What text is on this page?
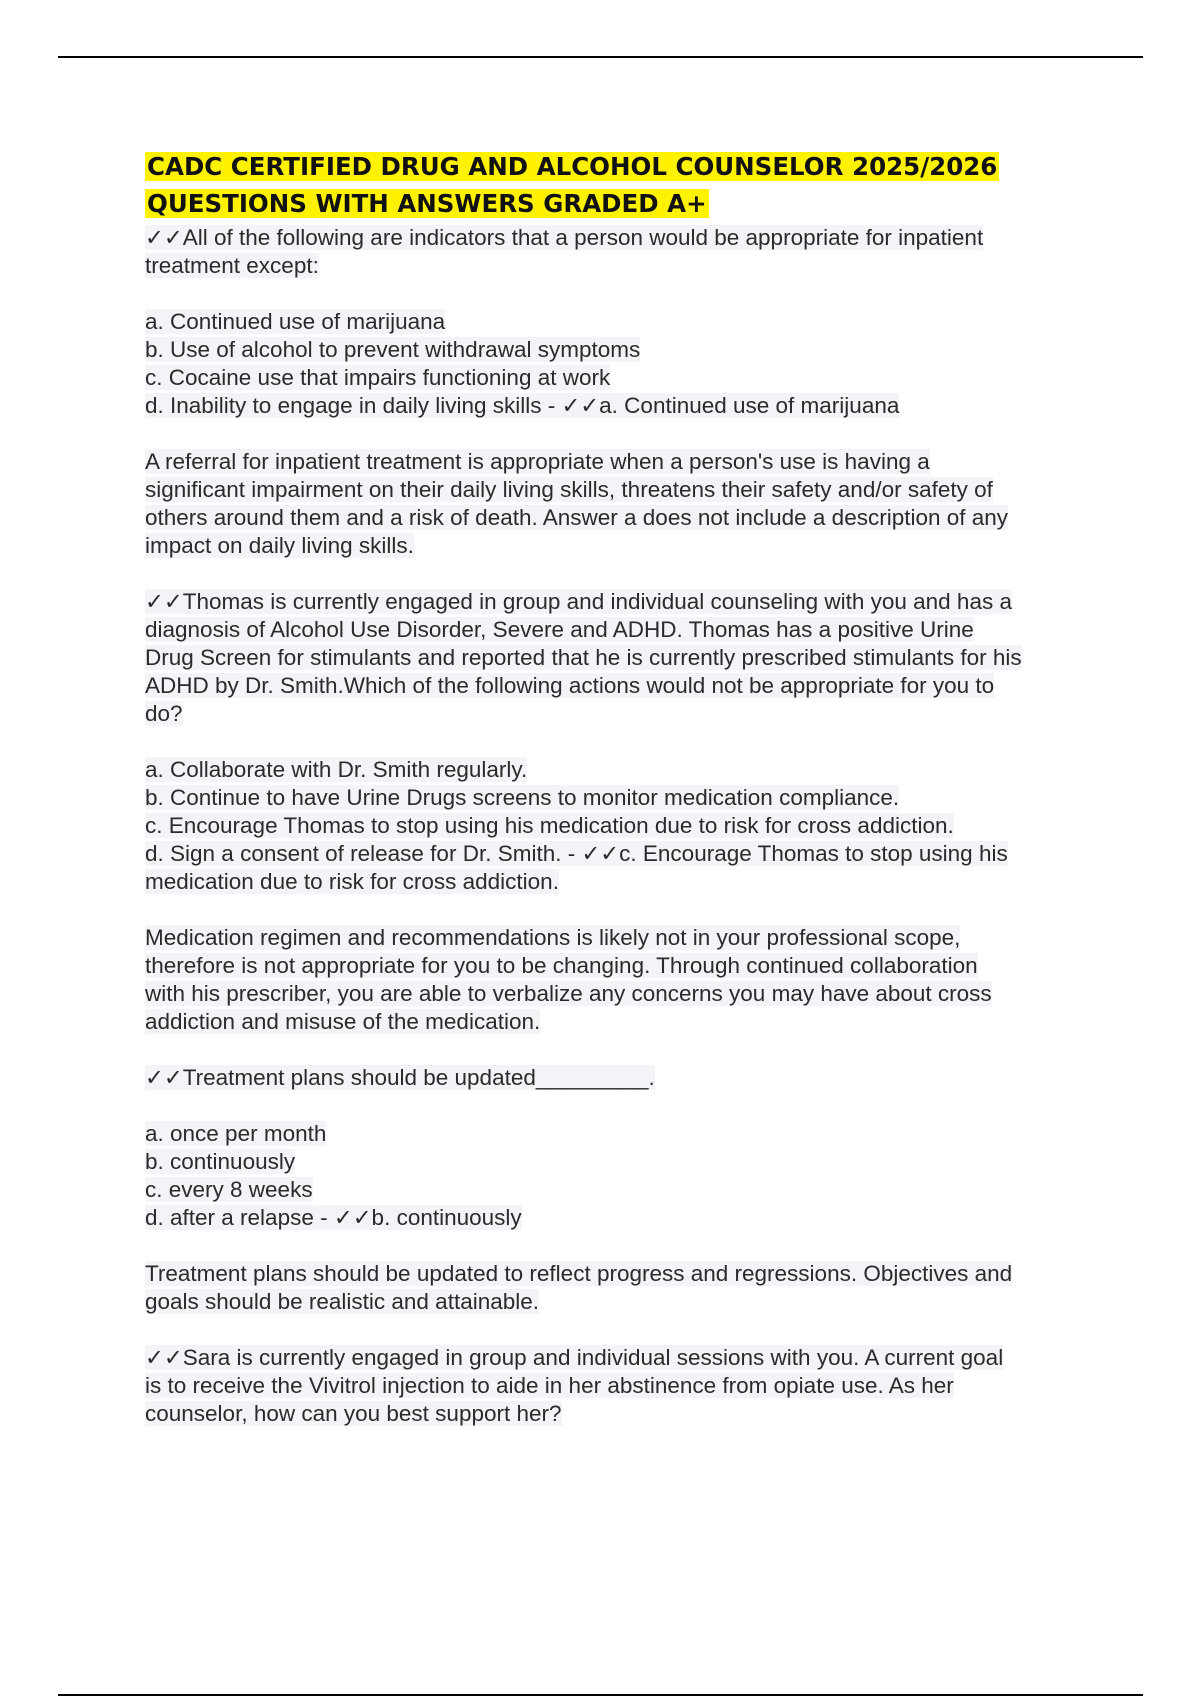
CADC CERTIFIED DRUG AND ALCOHOL COUNSELOR 2025/2026
QUESTIONS WITH ANSWERS GRADED A+
✓✓All of the following are indicators that a person would be appropriate for inpatient
treatment except:
a. Continued use of marijuana
b. Use of alcohol to prevent withdrawal symptoms
c. Cocaine use that impairs functioning at work
d. Inability to engage in daily living skills - ✓✓a. Continued use of marijuana
A referral for inpatient treatment is appropriate when a person's use is having a
significant impairment on their daily living skills, threatens their safety and/or safety of
others around them and a risk of death. Answer a does not include a description of any
impact on daily living skills.
✓✓Thomas is currently engaged in group and individual counseling with you and has a
diagnosis of Alcohol Use Disorder, Severe and ADHD. Thomas has a positive Urine
Drug Screen for stimulants and reported that he is currently prescribed stimulants for his
ADHD by Dr. Smith.Which of the following actions would not be appropriate for you to
do?
a. Collaborate with Dr. Smith regularly.
b. Continue to have Urine Drugs screens to monitor medication compliance.
c. Encourage Thomas to stop using his medication due to risk for cross addiction.
d. Sign a consent of release for Dr. Smith. - ✓✓c. Encourage Thomas to stop using his
medication due to risk for cross addiction.
Medication regimen and recommendations is likely not in your professional scope,
therefore is not appropriate for you to be changing. Through continued collaboration
with his prescriber, you are able to verbalize any concerns you may have about cross
addiction and misuse of the medication.
✓✓Treatment plans should be updated_________.
a. once per month
b. continuously
c. every 8 weeks
d. after a relapse - ✓✓b. continuously
Treatment plans should be updated to reflect progress and regressions. Objectives and
goals should be realistic and attainable.
✓✓Sara is currently engaged in group and individual sessions with you. A current goal
is to receive the Vivitrol injection to aide in her abstinence from opiate use. As her
counselor, how can you best support her?
